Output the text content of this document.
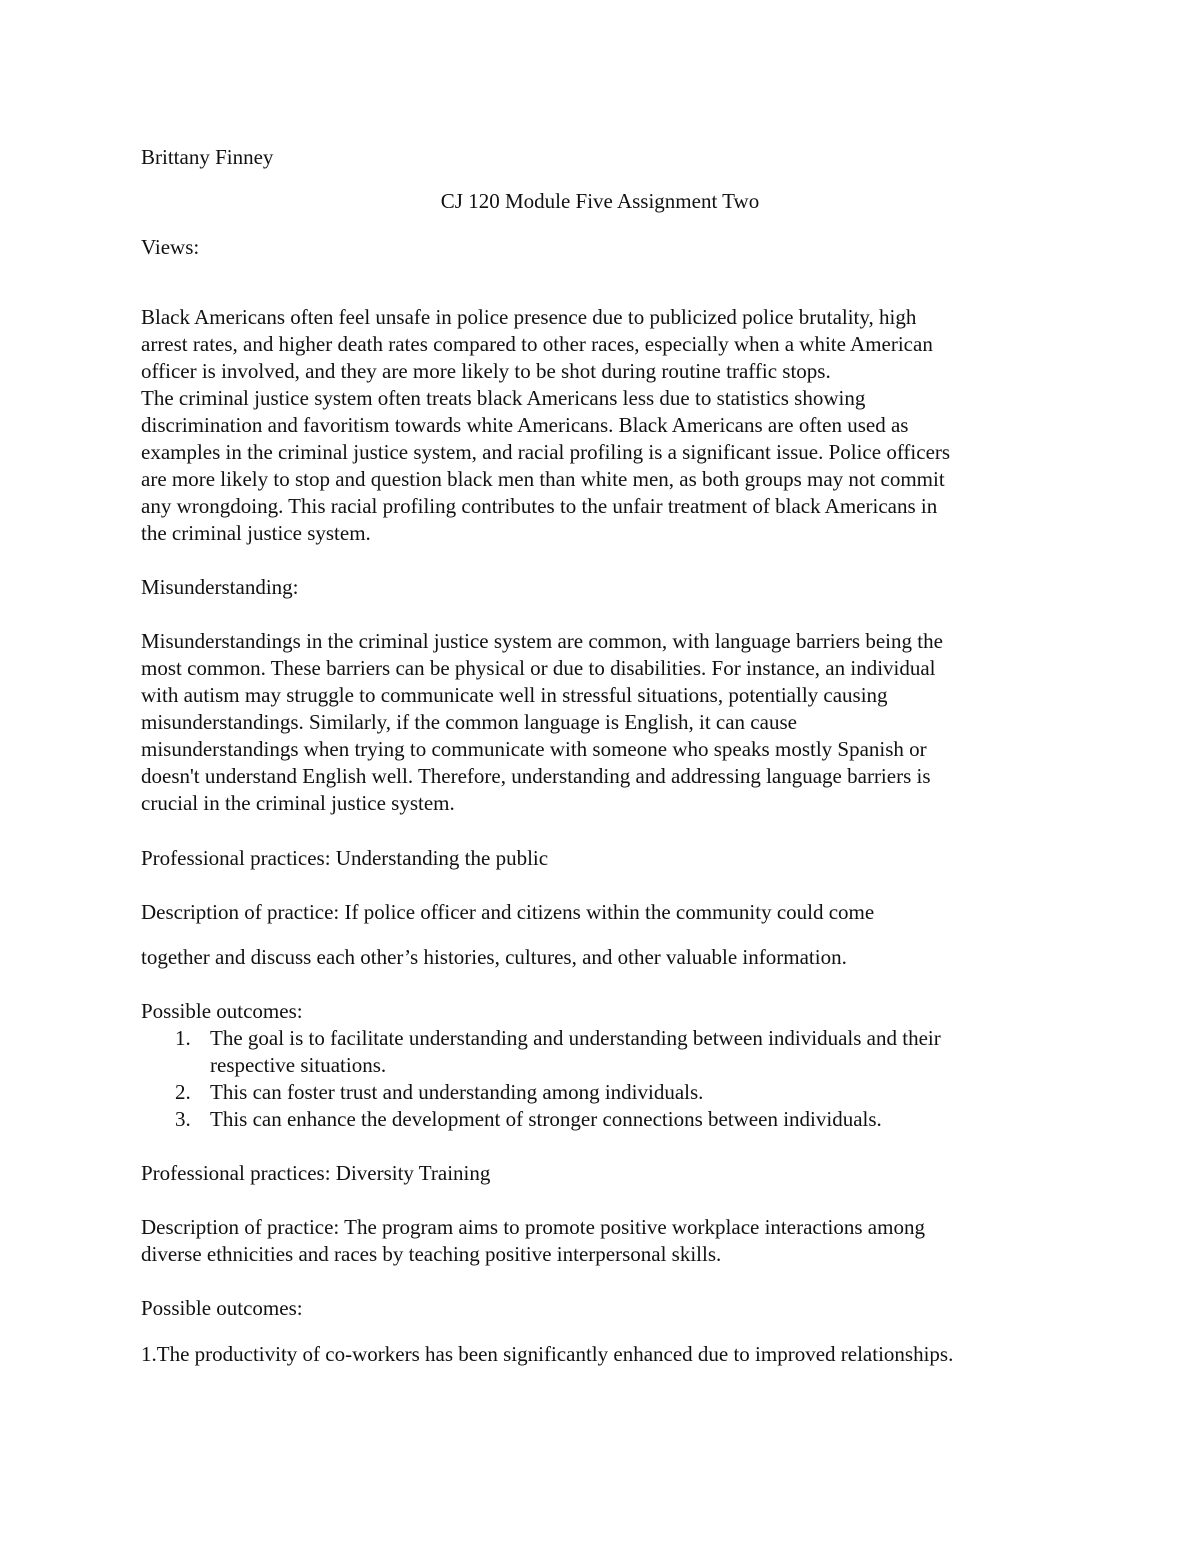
Brittany Finney

CJ 120 Module Five Assignment Two

Views:

Black Americans often feel unsafe in police presence due to publicized police brutality, high
arrest rates, and higher death rates compared to other races, especially when a white American
officer is involved, and they are more likely to be shot during routine traffic stops.
The criminal justice system often treats black Americans less due to statistics showing
discrimination and favoritism towards white Americans. Black Americans are often used as
examples in the criminal justice system, and racial profiling is a significant issue. Police officers
are more likely to stop and question black men than white men, as both groups may not commit
any wrongdoing. This racial profiling contributes to the unfair treatment of black Americans in
the criminal justice system.

Misunderstanding:

Misunderstandings in the criminal justice system are common, with language barriers being the
most common. These barriers can be physical or due to disabilities. For instance, an individual
with autism may struggle to communicate well in stressful situations, potentially causing
misunderstandings. Similarly, if the common language is English, it can cause
misunderstandings when trying to communicate with someone who speaks mostly Spanish or
doesn't understand English well. Therefore, understanding and addressing language barriers is
crucial in the criminal justice system.

Professional practices: Understanding the public

Description of practice: If police officer and citizens within the community could come

together and discuss each other’s histories, cultures, and other valuable information.

Possible outcomes:

1. The goal is to facilitate understanding and understanding between individuals and their
respective situations.
2. This can foster trust and understanding among individuals.
3. This can enhance the development of stronger connections between individuals.

Professional practices: Diversity Training

Description of practice: The program aims to promote positive workplace interactions among
diverse ethnicities and races by teaching positive interpersonal skills.

Possible outcomes:

1.The productivity of co-workers has been significantly enhanced due to improved relationships.
